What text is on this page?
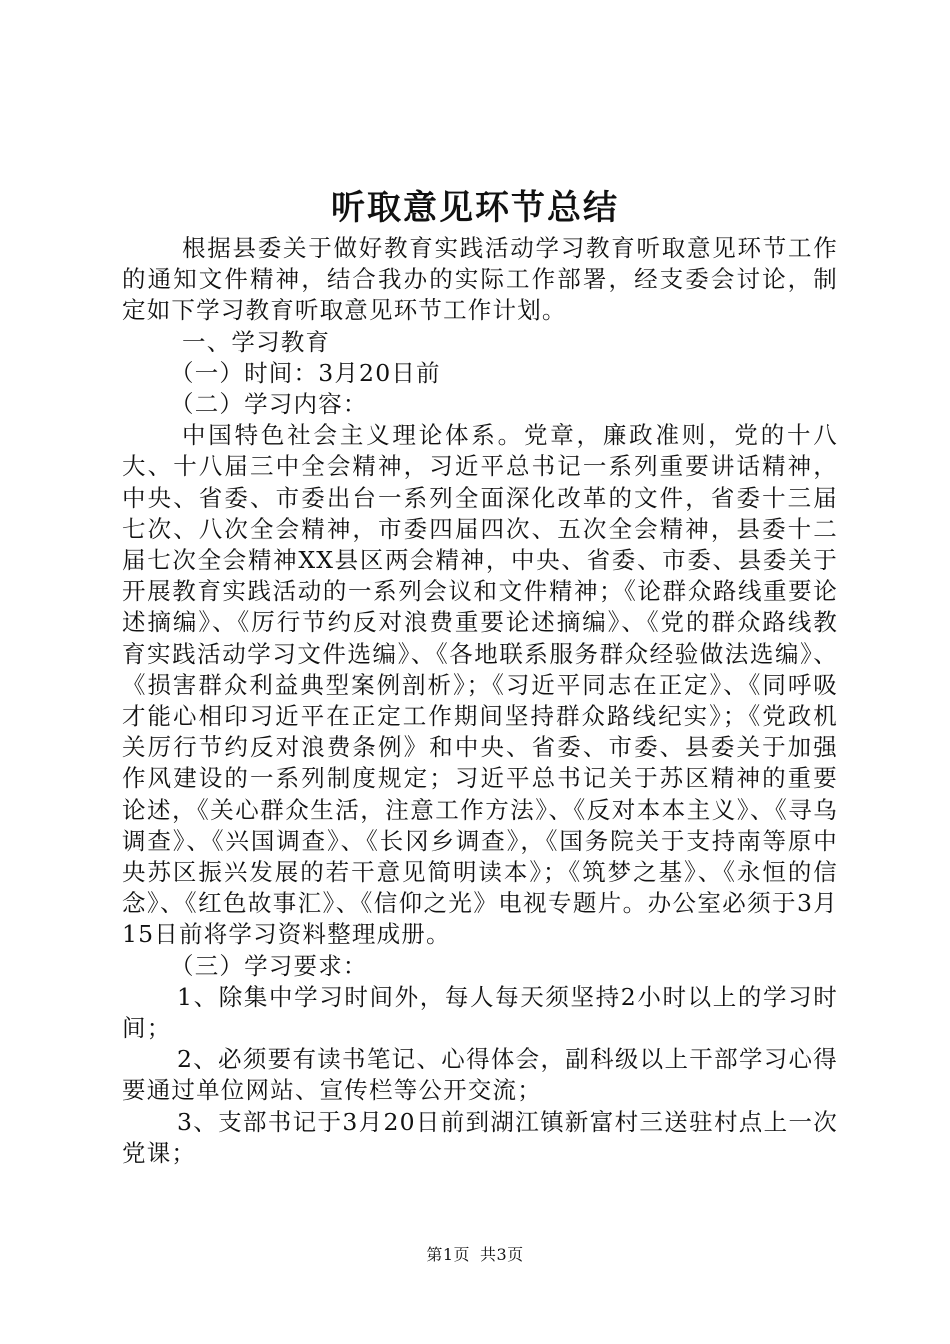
听取意见环节总结

根据县委关于做好教育实践活动学习教育听取意见环节工作的通知文件精神，结合我办的实际工作部署，经支委会讨论，制定如下学习教育听取意见环节工作计划。

一、学习教育

（一）时间：3月20日前

（二）学习内容：

中国特色社会主义理论体系。党章，廉政准则，党的十八大、十八届三中全会精神，习近平总书记一系列重要讲话精神，中央、省委、市委出台一系列全面深化改革的文件，省委十三届七次、八次全会精神，市委四届四次、五次全会精神，县委十二届七次全会精神XX县区两会精神，中央、省委、市委、县委关于开展教育实践活动的一系列会议和文件精神；《论群众路线重要论述摘编》、《厉行节约反对浪费重要论述摘编》、《党的群众路线教育实践活动学习文件选编》、《各地联系服务群众经验做法选编》、《损害群众利益典型案例剖析》；《习近平同志在正定》、《同呼吸才能心相印习近平在正定工作期间坚持群众路线纪实》；《党政机关厉行节约反对浪费条例》和中央、省委、市委、县委关于加强作风建设的一系列制度规定；习近平总书记关于苏区精神的重要论述，《关心群众生活，注意工作方法》、《反对本本主义》、《寻乌调查》、《兴国调查》、《长冈乡调查》，《国务院关于支持南等原中央苏区振兴发展的若干意见简明读本》；《筑梦之基》、《永恒的信念》、《红色故事汇》、《信仰之光》电视专题片。办公室必须于3月15日前将学习资料整理成册。

（三）学习要求：

1、除集中学习时间外，每人每天须坚持2小时以上的学习时间；

2、必须要有读书笔记、心得体会，副科级以上干部学习心得要通过单位网站、宣传栏等公开交流；

3、支部书记于3月20日前到湖江镇新富村三送驻村点上一次党课；

第1页 共3页
